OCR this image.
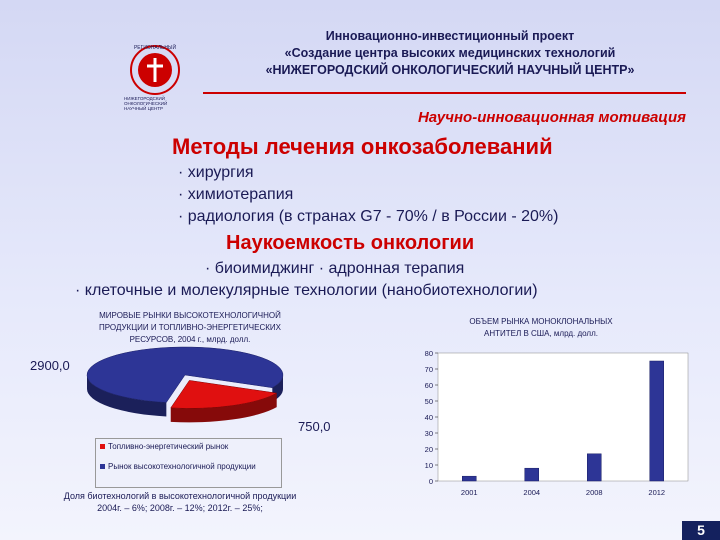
РЕГИОНАЛЬНЫЙ
НИЖЕГОРОДСКИЙ
ОНКОЛОГИЧЕСКИЙ
НАУЧНЫЙ ЦЕНТР
Инновационно-инвестиционный проект
«Создание центра высоких медицинских технологий
«НИЖЕГОРОДСКИЙ ОНКОЛОГИЧЕСКИЙ НАУЧНЫЙ ЦЕНТР»
Научно-инновационная мотивация
Методы лечения онкозаболеваний
· хирургия
· химиотерапия
· радиология (в странах G7 - 70% / в России - 20%)
Наукоемкость онкологии
· биоимиджинг · адронная терапия
· клеточные и молекулярные технологии (нанобиотехнологии)
МИРОВЫЕ РЫНКИ ВЫСОКОТЕХНОЛОГИЧНОЙ
ПРОДУКЦИИ И ТОПЛИВНО-ЭНЕРГЕТИЧЕСКИХ
РЕСУРСОВ, 2004 г., млрд. долл.
2900,0
750,0
Топливно-энергетический рынок
Рынок высокотехнологичной продукции
ОБЪЕМ РЫНКА МОНОКЛОНАЛЬНЫХ
АНТИТЕЛ В США, млрд. долл.
0
10
20
30
40
50
60
70
80
2001	2004	2008	2012
Доля биотехнологий в высокотехнологичной продукции
2004г. – 6%; 2008г. – 12%; 2012г. – 25%;
5
